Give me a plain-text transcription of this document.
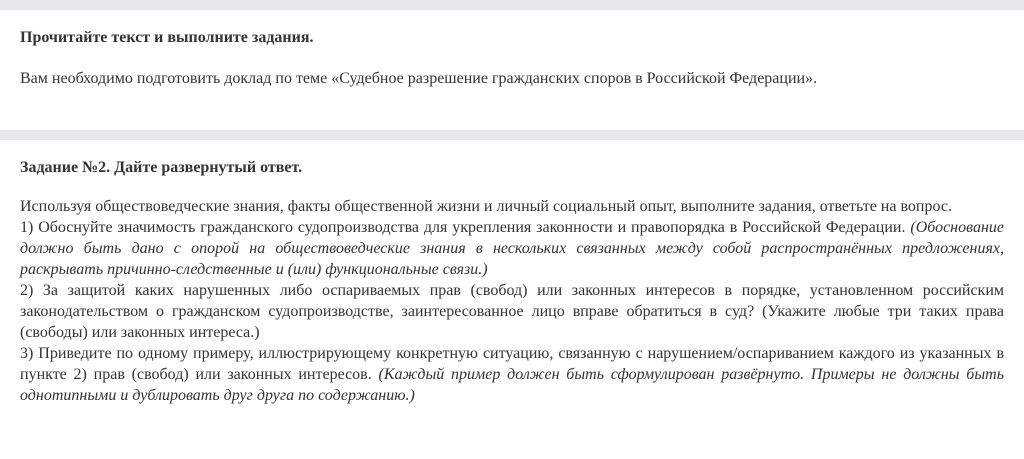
Прочитайте текст и выполните задания.

Вам необходимо подготовить доклад по теме «Судебное разрешение гражданских споров в Российской Федерации».

Задание №2. Дайте развернутый ответ.

Используя обществоведческие знания, факты общественной жизни и личный социальный опыт, выполните задания, ответьте на вопрос.

1) Обоснуйте значимость гражданского судопроизводства для укрепления законности и правопорядка в Российской Федерации. (Обоснование должно быть дано с опорой на обществоведческие знания в нескольких связанных между собой распространённых предложениях, раскрывать причинно-следственные и (или) функциональные связи.)

2) За защитой каких нарушенных либо оспариваемых прав (свобод) или законных интересов в порядке, установленном российским законодательством о гражданском судопроизводстве, заинтересованное лицо вправе обратиться в суд? (Укажите любые три таких права (свободы) или законных интереса.)

3) Приведите по одному примеру, иллюстрирующему конкретную ситуацию, связанную с нарушением/оспариванием каждого из указанных в пункте 2) прав (свобод) или законных интересов. (Каждый пример должен быть сформулирован развёрнуто. Примеры не должны быть однотипными и дублировать друг друга по содержанию.)
